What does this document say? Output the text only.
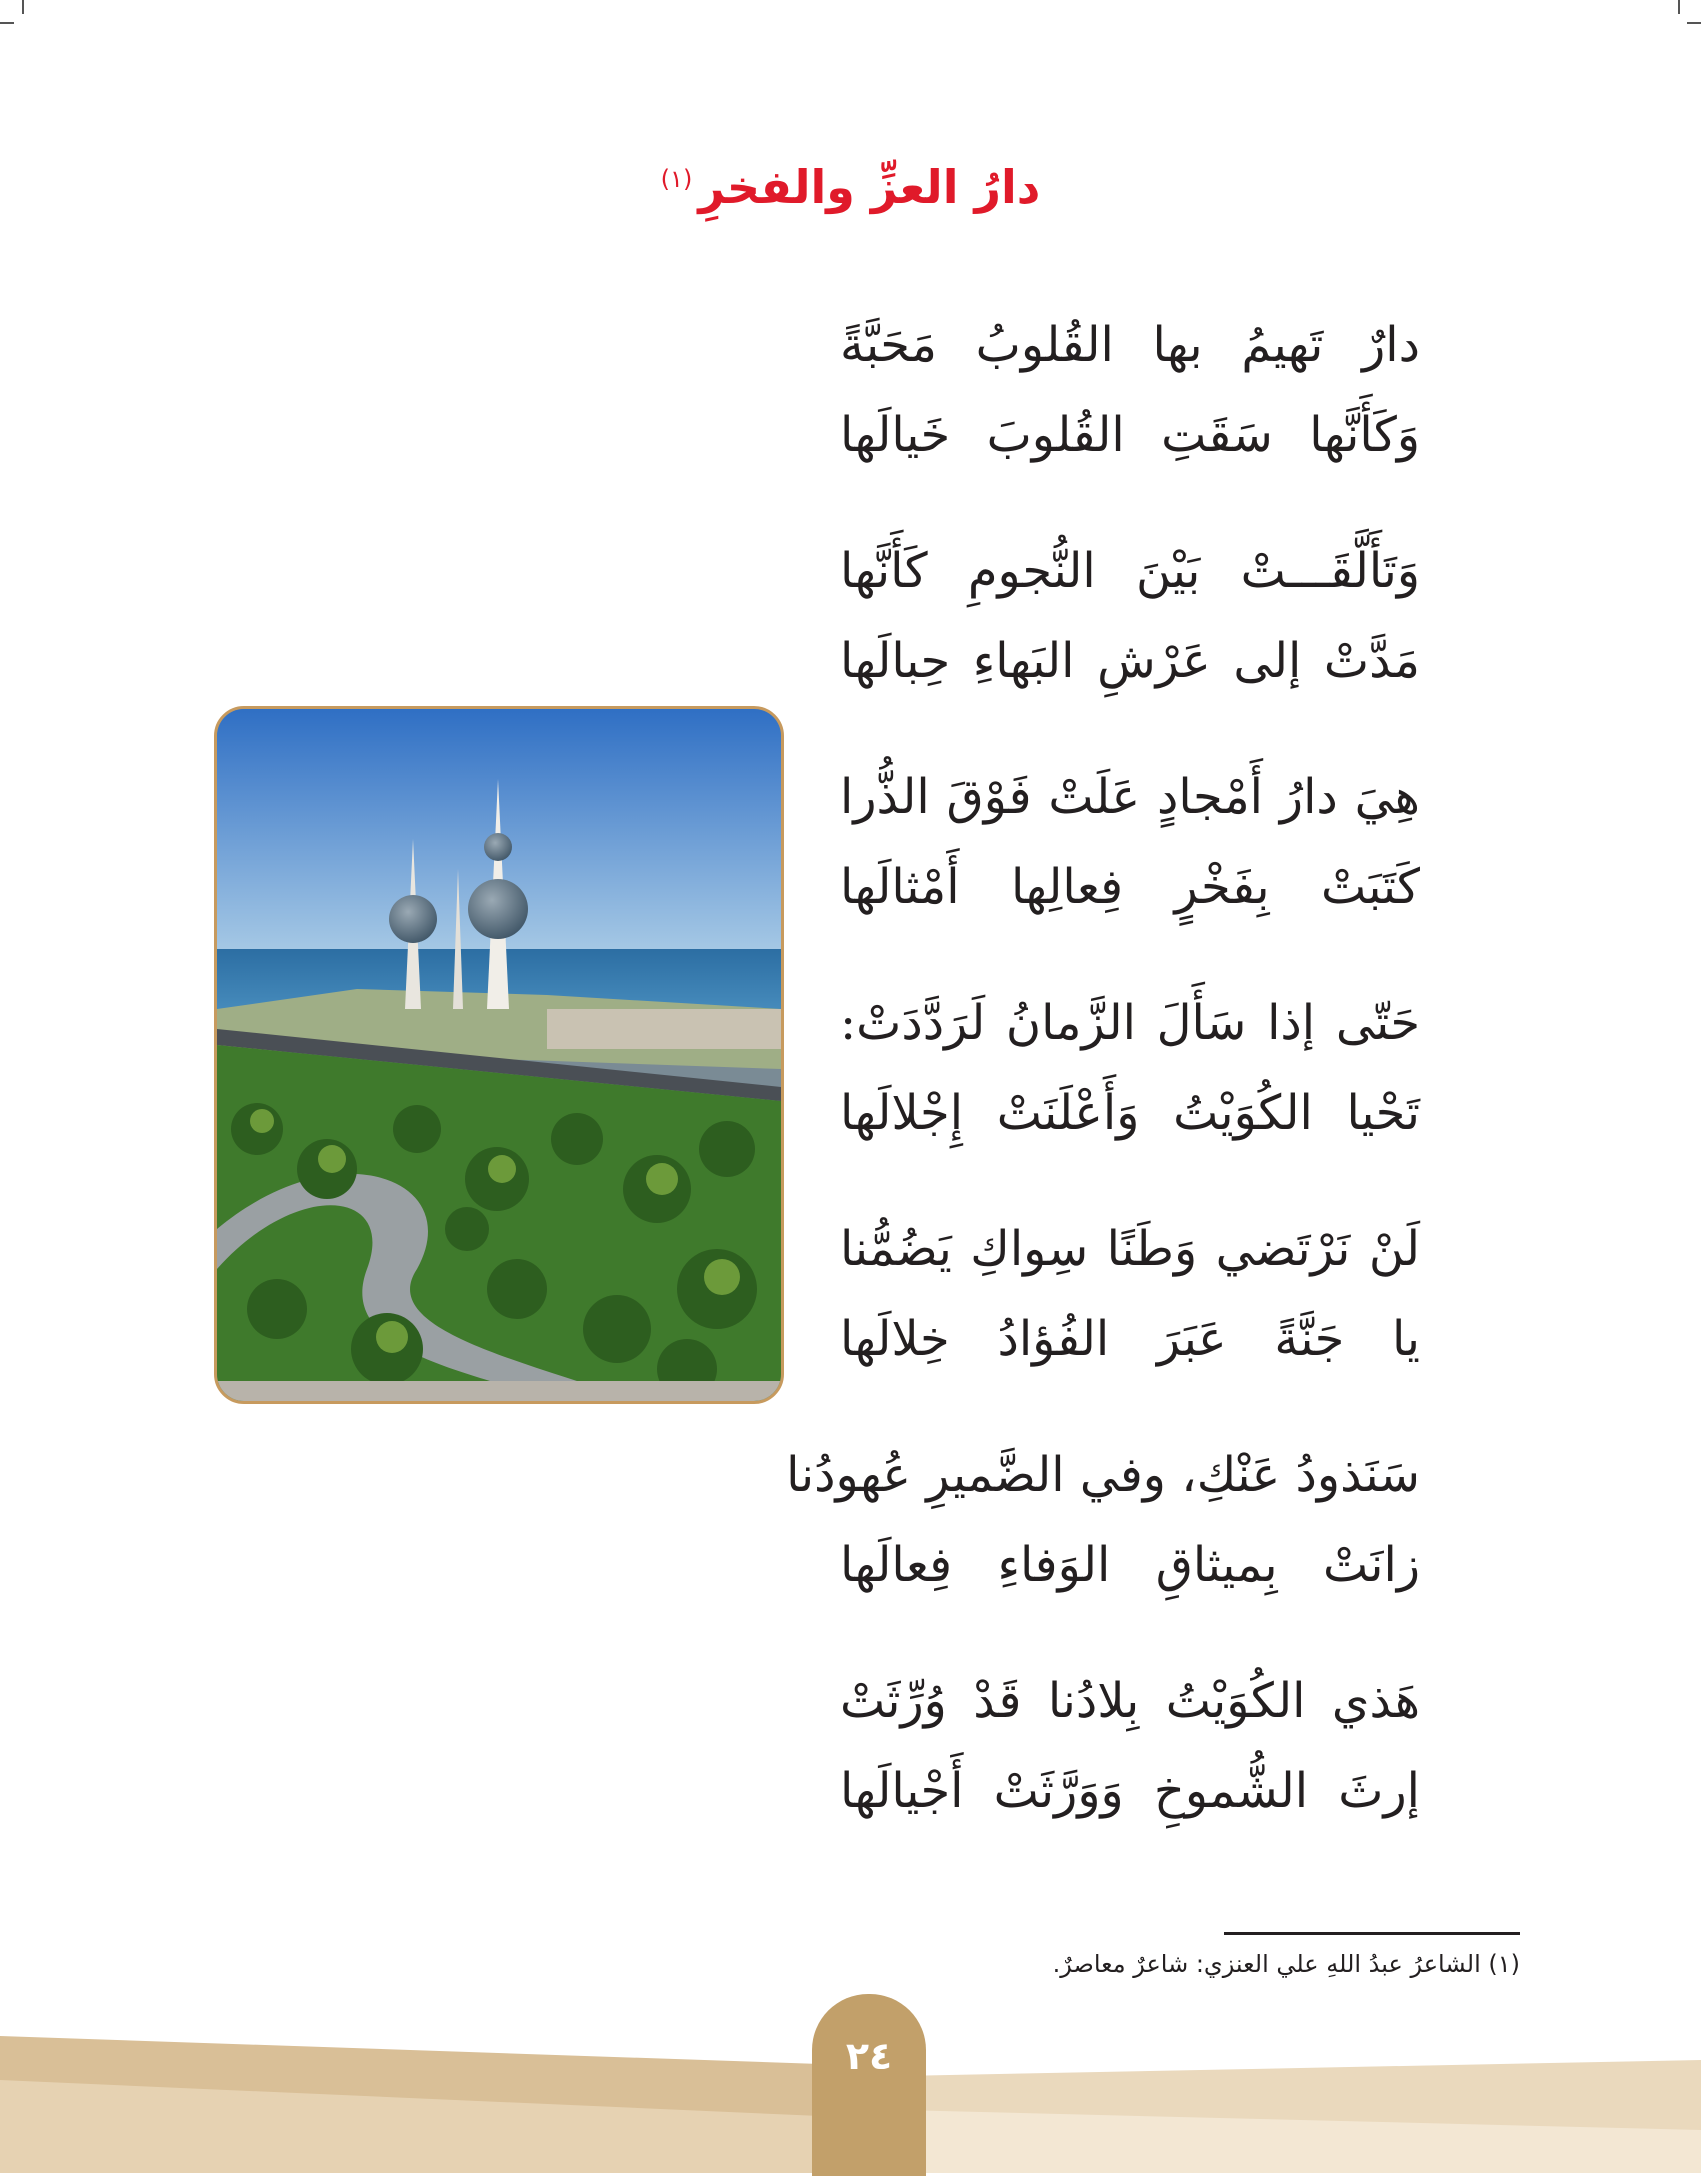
دارُ العزِّ والفخرِ$^{(١)}$
دارٌ تَهيمُ بها القُلوبُ مَحَبَّةً
وَكَأَنَّها سَقَتِ القُلوبَ خَيالَها
وَتَأَلَّقَـــتْ بَيْنَ النُّجومِ كَأَنَّها
مَدَّتْ إلى عَرْشِ البَهاءِ حِبالَها
هِيَ دارُ أَمْجادٍ عَلَتْ فَوْقَ الذُّرا
كَتَبَتْ بِفَخْرٍ فِعالِها أَمْثالَها
حَتّى إذا سَأَلَ الزَّمانُ لَرَدَّدَتْ:
تَحْيا الكُوَيْتُ وَأَعْلَنَتْ إِجْلالَها
لَنْ نَرْتَضي وَطَنًا سِواكِ يَضُمُّنا
يا جَنَّةً عَبَرَ الفُؤادُ خِلالَها
سَنَذودُ عَنْكِ، وفي الضَّميرِ عُهودُنا
زانَتْ بِميثاقِ الوَفاءِ فِعالَها
هَذي الكُوَيْتُ بِلادُنا قَدْ وُرِّثَتْ
إرثَ الشُّموخِ وَوَرَّثَتْ أَجْيالَها
(١) الشاعرُ عبدُ اللهِ علي العنزي: شاعرٌ معاصرٌ.
٢٤
